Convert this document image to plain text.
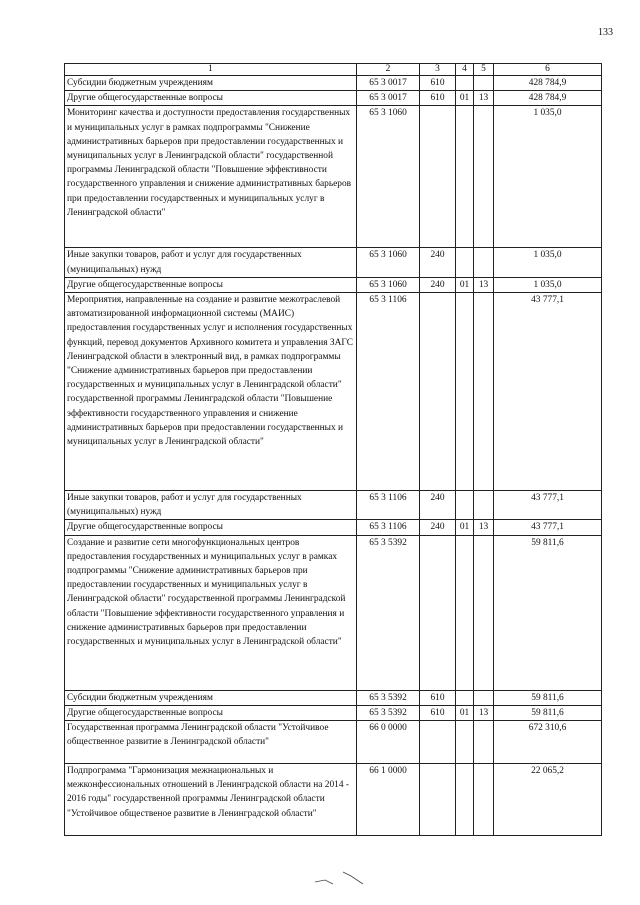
133
1	2	3	4	5	6
Субсидии бюджетным учреждениям	65 3 0017	610			428 784,9
Другие общегосударственные вопросы	65 3 0017	610	01	13	428 784,9
Мониторинг качества и доступности предоставления государственных и муниципальных услуг в рамках подпрограммы "Снижение административных барьеров при предоставлении государственных и муниципальных услуг в Ленинградской области" государственной программы Ленинградской области "Повышение эффективности государственного управления и снижение административных барьеров при предоставлении государственных и муниципальных услуг в Ленинградской области"	65 3 1060				1 035,0
Иные закупки товаров, работ и услуг для государственных (муниципальных) нужд	65 3 1060	240			1 035,0
Другие общегосударственные вопросы	65 3 1060	240	01	13	1 035,0
Мероприятия, направленные на создание и развитие межотраслевой автоматизированной информационной системы (МАИС) предоставления государственных услуг и исполнения государственных функций, перевод документов Архивного комитета и управления ЗАГС Ленинградской области в электронный вид, в рамках подпрограммы "Снижение административных барьеров при предоставлении государственных и муниципальных услуг в Ленинградской области" государственной программы Ленинградской области "Повышение эффективности государственного управления и снижение административных барьеров при предоставлении государственных и муниципальных услуг в Ленинградской области"	65 3 1106				43 777,1
Иные закупки товаров, работ и услуг для государственных (муниципальных) нужд	65 3 1106	240			43 777,1
Другие общегосударственные вопросы	65 3 1106	240	01	13	43 777,1
Создание и развитие сети многофункциональных центров предоставления государственных и муниципальных услуг в рамках подпрограммы "Снижение административных барьеров при предоставлении государственных и муниципальных услуг в Ленинградской области" государственной программы Ленинградской области "Повышение эффективности государственного управления и снижение административных барьеров при предоставлении государственных и муниципальных услуг в Ленинградской области"	65 3 5392				59 811,6
Субсидии бюджетным учреждениям	65 3 5392	610			59 811,6
Другие общегосударственные вопросы	65 3 5392	610	01	13	59 811,6
Государственная программа Ленинградской области "Устойчивое общественное развитие в Ленинградской области"	66 0 0000				672 310,6
Подпрограмма "Гармонизация межнациональных и межконфессиональных отношений в Ленинградской области на 2014 - 2016 годы" государственной программы Ленинградской области "Устойчивое общественое развитие в Ленинградской области"	66 1 0000				22 065,2
